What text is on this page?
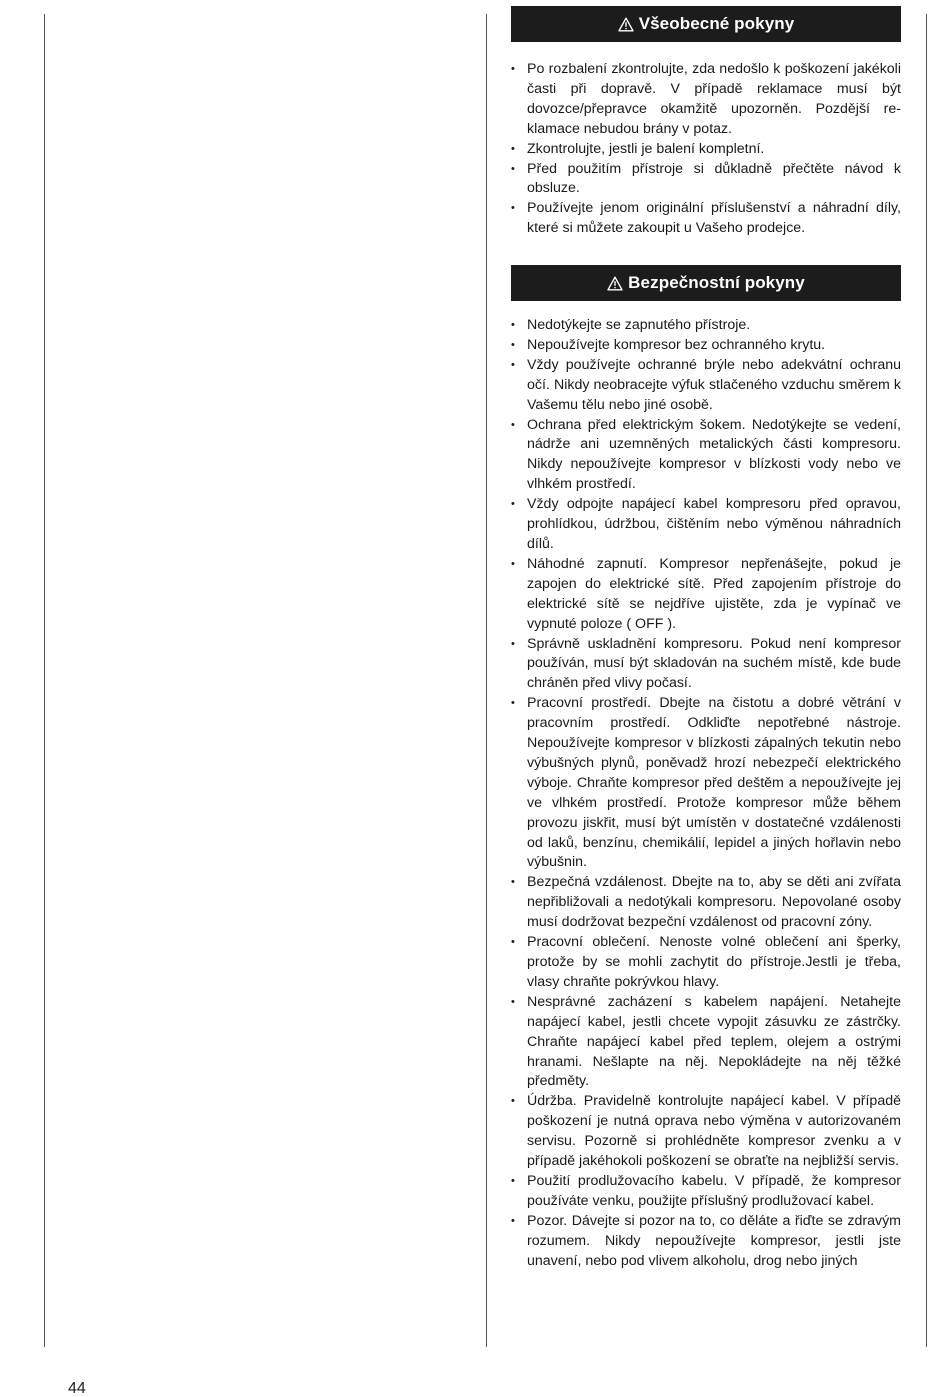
Všeobecné pokyny
• Po rozbalení zkontrolujte, zda nedošlo k poškození jakékoli časti při dopravě. V případě reklamace musí být dovozce/přepravce okamžitě upozorněn. Pozdější reklamace nebudou brány v potaz.
• Zkontrolujte, jestli je balení kompletní.
• Před použitím přístroje si důkladně přečtěte návod k obsluze.
• Používejte jenom originální příslušenství a náhradní díly, které si můžete zakoupit u Vašeho prodejce.
Bezpečnostní pokyny
• Nedotýkejte se zapnutého přístroje.
• Nepoužívejte kompresor bez ochranného krytu.
• Vždy používejte ochranné brýle nebo adekvátní ochranu očí. Nikdy neobracejte výfuk stlačeného vzduchu směrem k Vašemu tělu nebo jiné osobě.
• Ochrana před elektrickým šokem. Nedotýkejte se vedení, nádrže ani uzemněných metalických části kompresoru. Nikdy nepoužívejte kompresor v blízkosti vody nebo ve vlhkém prostředí.
• Vždy odpojte napájecí kabel kompresoru před opravou, prohlídkou, údržbou, čištěním nebo výměnou náhradních dílů.
• Náhodné zapnutí. Kompresor nepřenášejte, pokud je zapojen do elektrické sítě. Před zapojením přístroje do elektrické sítě se nejdříve ujistěte, zda je vypínač ve vypnuté poloze ( OFF ).
• Správně uskladnění kompresoru. Pokud není kompresor používán, musí být skladován na suchém místě, kde bude chráněn před vlivy počasí.
• Pracovní prostředí. Dbejte na čistotu a dobré větrání v pracovním prostředí. Odkliďte nepotřebné nástroje. Nepoužívejte kompresor v blízkosti zápalných tekutin nebo výbušných plynů, poněvadž hrozí nebezpečí elektrického výboje. Chraňte kompresor před deštěm a nepoužívejte jej ve vlhkém prostředí. Protože kompresor může během provozu jiskřit, musí být umístěn v dostatečné vzdálenosti od laků, benzínu, chemikálií, lepidel a jiných hořlavin nebo výbušnin.
• Bezpečná vzdálenost. Dbejte na to, aby se děti ani zvířata nepřibližovali a nedotýkali kompresoru. Nepovolané osoby musí dodržovat bezpeční vzdálenost od pracovní zóny.
• Pracovní oblečení. Nenoste volné oblečení ani šperky, protože by se mohli zachytit do přístroje.Jestli je třeba, vlasy chraňte pokrývkou hlavy.
• Nesprávné zacházení s kabelem napájení. Netahejte napájecí kabel, jestli chcete vypojit zásuvku ze zástrčky. Chraňte napájecí kabel před teplem, olejem a ostrými hranami. Nešlapte na něj. Nepokládejte na něj těžké předměty.
• Údržba. Pravidelně kontrolujte napájecí kabel. V případě poškození je nutná oprava nebo výměna v autorizovaném servisu. Pozorně si prohlédněte kompresor zvenku a v případě jakéhokoli poškození se obraťte na nejbližší servis.
• Použití prodlužovacího kabelu. V případě, že kompresor používáte venku, použijte příslušný prodlužovací kabel.
• Pozor. Dávejte si pozor na to, co děláte a řiďte se zdravým rozumem. Nikdy nepoužívejte kompresor, jestli jste unavení, nebo pod vlivem alkoholu, drog nebo jiných
44
